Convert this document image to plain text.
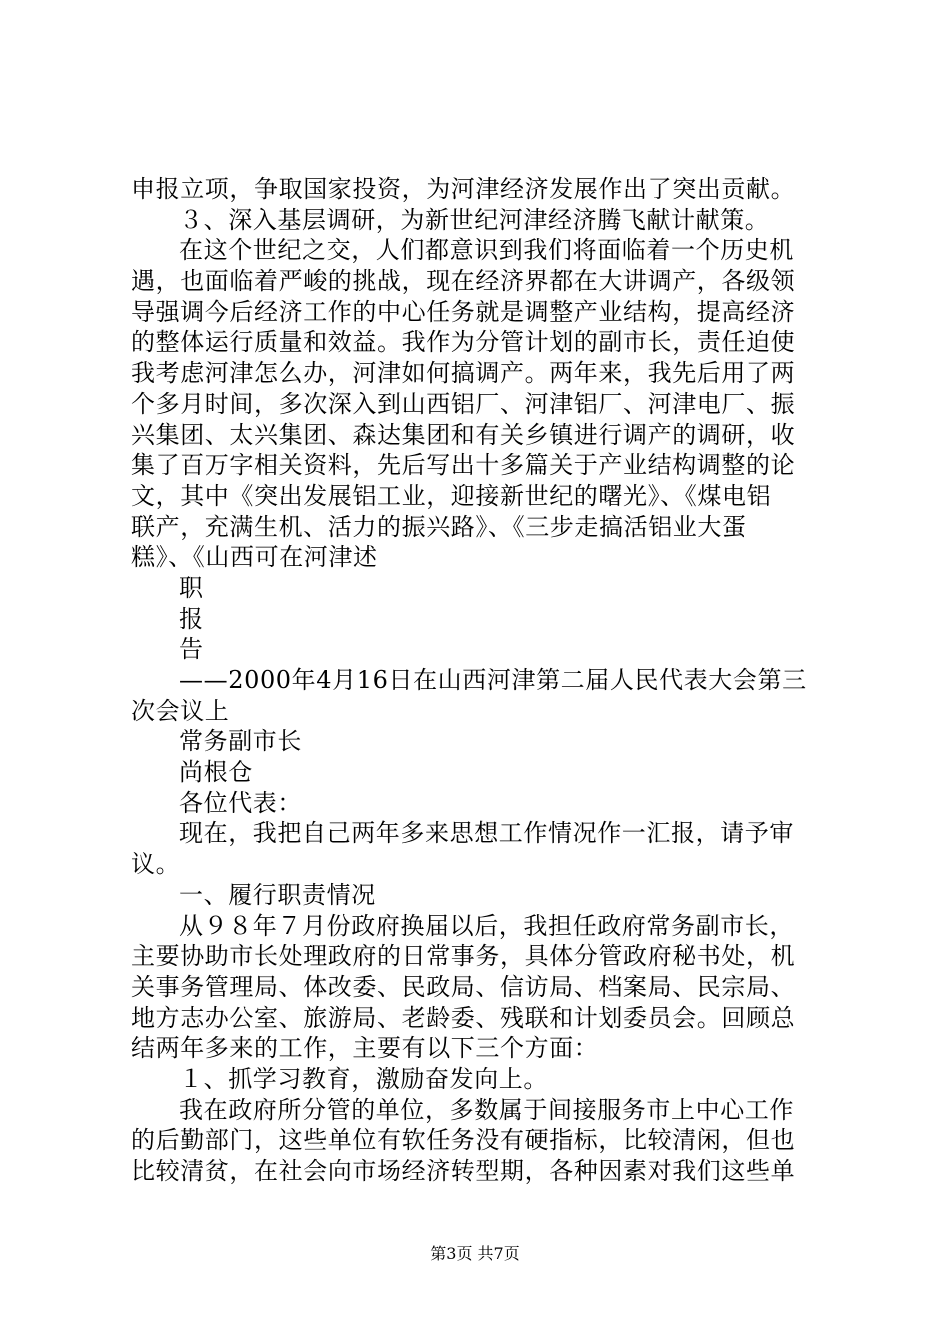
申报立项，争取国家投资，为河津经济发展作出了突出贡献。
３、深入基层调研，为新世纪河津经济腾飞献计献策。
在这个世纪之交，人们都意识到我们将面临着一个历史机
遇，也面临着严峻的挑战，现在经济界都在大讲调产，各级领
导强调今后经济工作的中心任务就是调整产业结构，提高经济
的整体运行质量和效益。我作为分管计划的副市长，责任迫使
我考虑河津怎么办，河津如何搞调产。两年来，我先后用了两
个多月时间，多次深入到山西铝厂、河津铝厂、河津电厂、振
兴集团、太兴集团、森达集团和有关乡镇进行调产的调研，收
集了百万字相关资料，先后写出十多篇关于产业结构调整的论
文，其中《突出发展铝工业，迎接新世纪的曙光》、《煤电铝
联产，充满生机、活力的振兴路》、《三步走搞活铝业大蛋
糕》、《山西可在河津述
职
报
告
——2000年4月16日在山西河津第二届人民代表大会第三
次会议上
常务副市长
尚根仓
各位代表：
现在，我把自己两年多来思想工作情况作一汇报，请予审
议。
一、履行职责情况
从９８年７月份政府换届以后，我担任政府常务副市长，
主要协助市长处理政府的日常事务，具体分管政府秘书处，机
关事务管理局、体改委、民政局、信访局、档案局、民宗局、
地方志办公室、旅游局、老龄委、残联和计划委员会。回顾总
结两年多来的工作，主要有以下三个方面：
１、抓学习教育，激励奋发向上。
我在政府所分管的单位，多数属于间接服务市上中心工作
的后勤部门，这些单位有软任务没有硬指标，比较清闲，但也
比较清贫，在社会向市场经济转型期，各种因素对我们这些单
第3页 共7页
